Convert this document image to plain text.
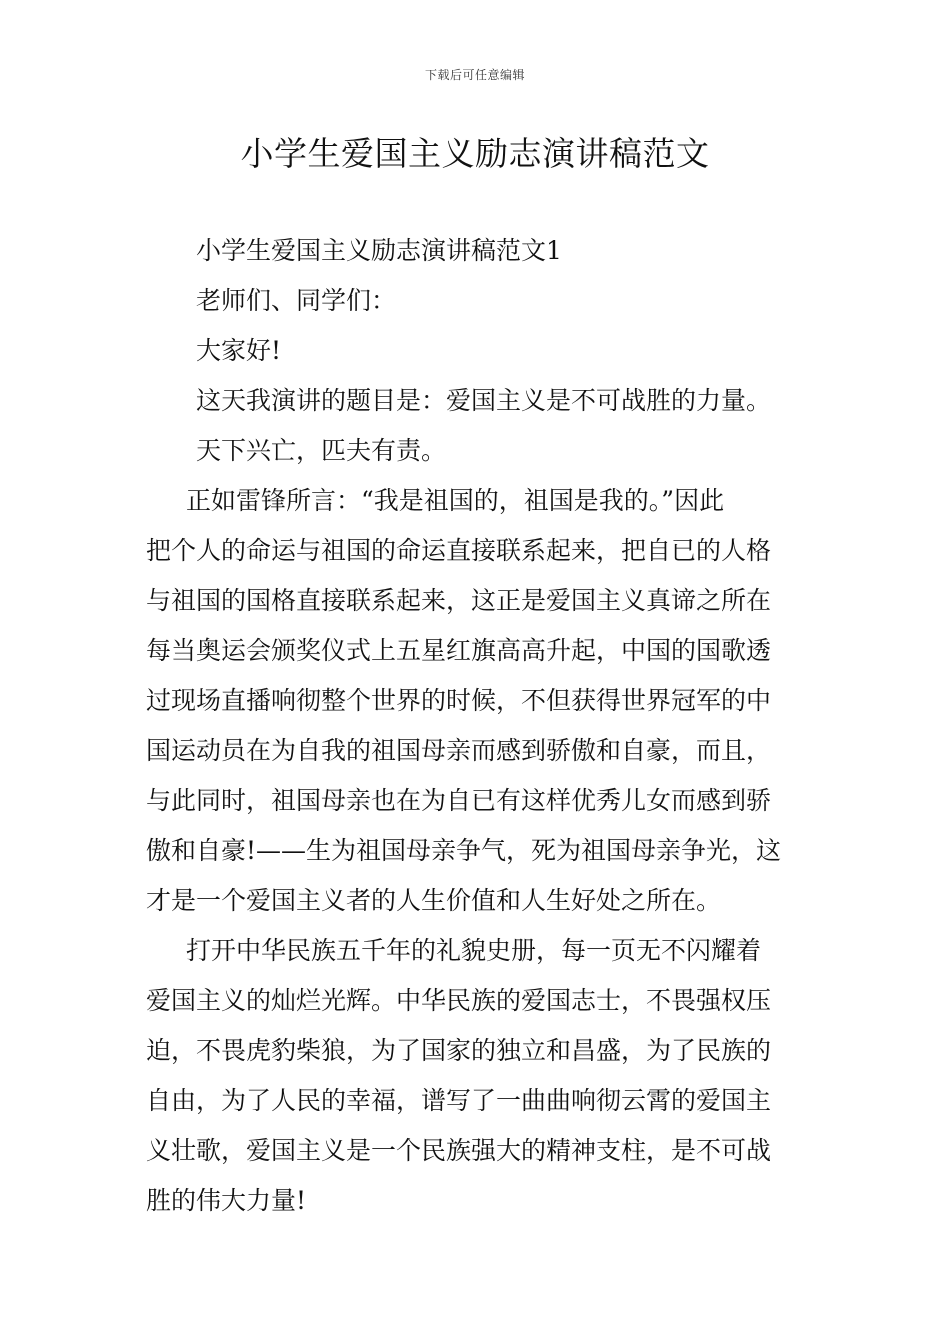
下载后可任意编辑
小学生爱国主义励志演讲稿范文
小学生爱国主义励志演讲稿范文1
老师们、同学们：
大家好!
这天我演讲的题目是：爱国主义是不可战胜的力量。
天下兴亡，匹夫有责。
正如雷锋所言：“我是祖国的，祖国是我的。”因此
把个人的命运与祖国的命运直接联系起来，把自已的人格
与祖国的国格直接联系起来，这正是爱国主义真谛之所在
每当奥运会颁奖仪式上五星红旗高高升起，中国的国歌透
过现场直播响彻整个世界的时候，不但获得世界冠军的中
国运动员在为自我的祖国母亲而感到骄傲和自豪，而且，
与此同时，祖国母亲也在为自已有这样优秀儿女而感到骄
傲和自豪!——生为祖国母亲争气，死为祖国母亲争光，这
才是一个爱国主义者的人生价值和人生好处之所在。
打开中华民族五千年的礼貌史册，每一页无不闪耀着
爱国主义的灿烂光辉。中华民族的爱国志士，不畏强权压
迫，不畏虎豹柴狼，为了国家的独立和昌盛，为了民族的
自由，为了人民的幸福，谱写了一曲曲响彻云霄的爱国主
义壮歌，爱国主义是一个民族强大的精神支柱，是不可战
胜的伟大力量!
